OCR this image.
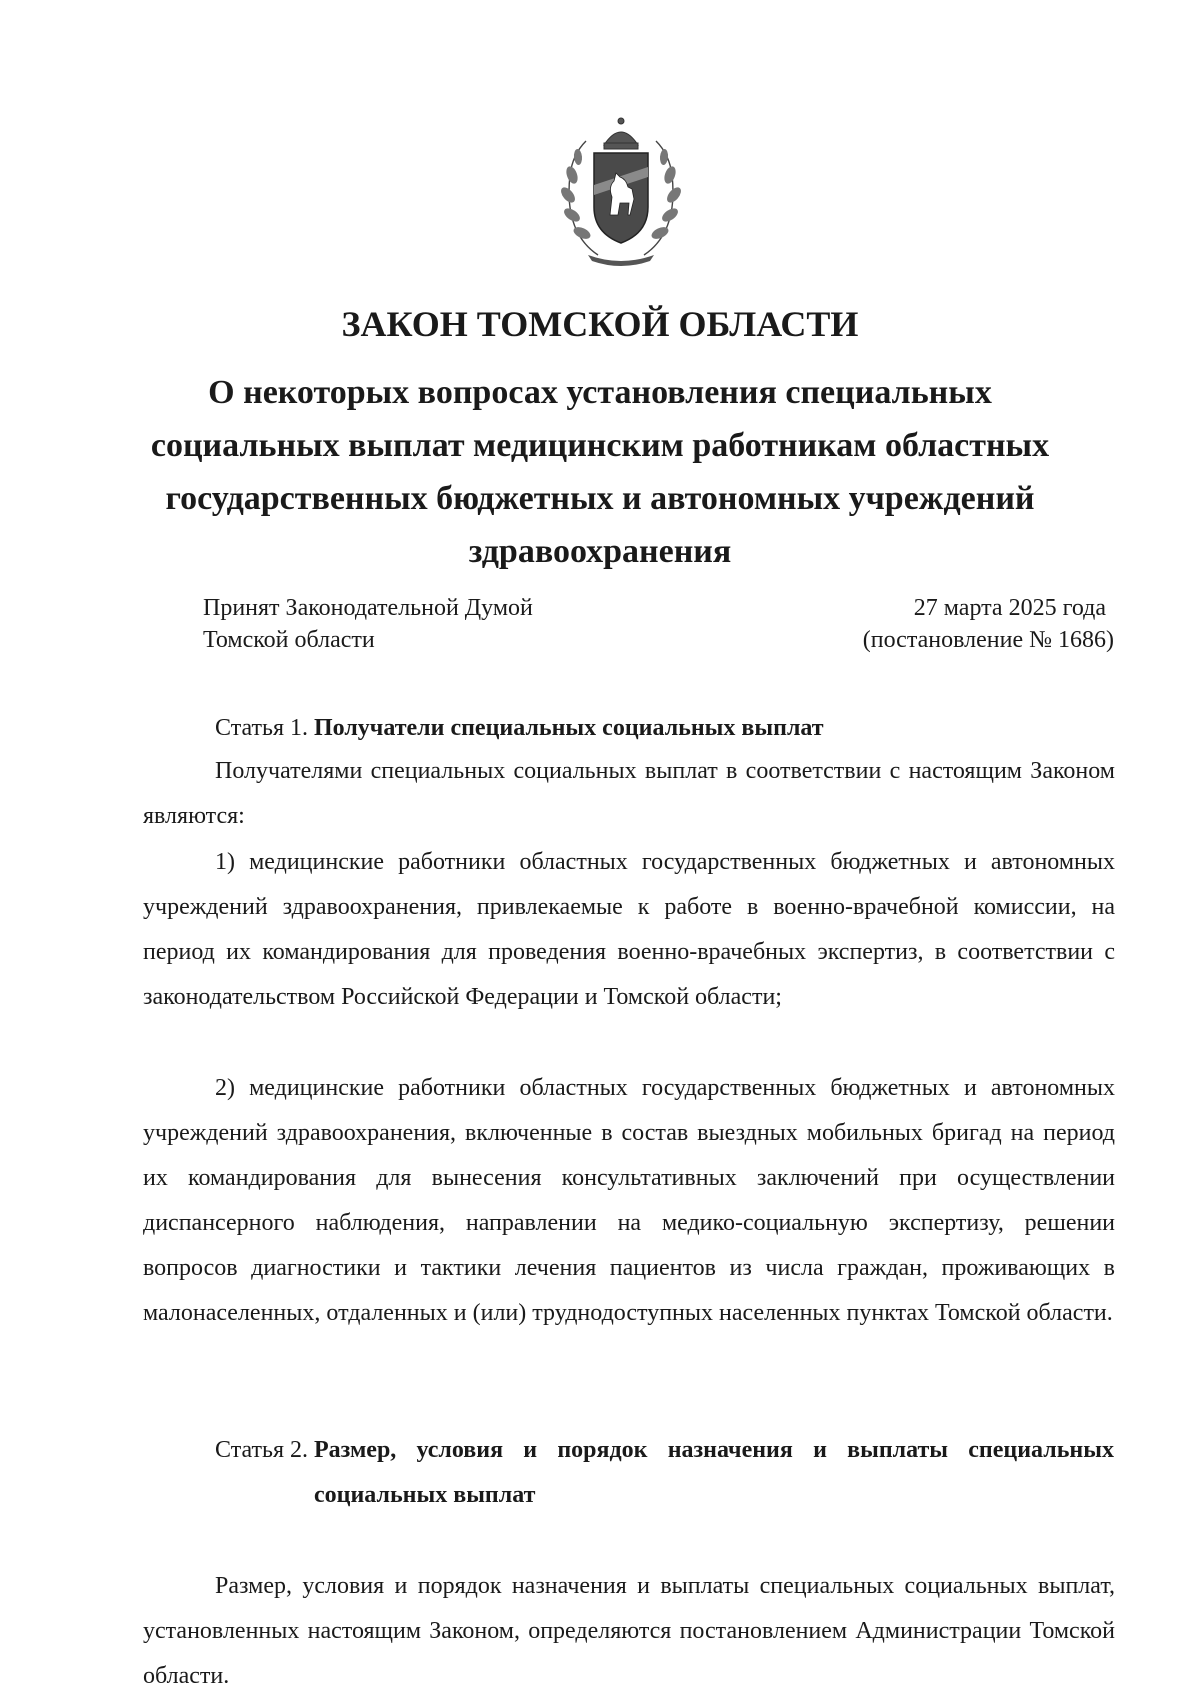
ЗАКОН ТОМСКОЙ ОБЛАСТИ
О некоторых вопросах установления специальных социальных выплат медицинским работникам областных государственных бюджетных и автономных учреждений здравоохранения
Принят Законодательной Думой
Томской области
27 марта 2025 года
(постановление № 1686)
Статья 1. Получатели специальных социальных выплат

Получателями специальных социальных выплат в соответствии с настоящим Законом являются:

1) медицинские работники областных государственных бюджетных и автономных учреждений здравоохранения, привлекаемые к работе в военно-врачебной комиссии, на период их командирования для проведения военно-врачебных экспертиз, в соответствии с законодательством Российской Федерации и Томской области;

2) медицинские работники областных государственных бюджетных и автономных учреждений здравоохранения, включенные в состав выездных мобильных бригад на период их командирования для вынесения консультативных заключений при осуществлении диспансерного наблюдения, направлении на медико-социальную экспертизу, решении вопросов диагностики и тактики лечения пациентов из числа граждан, проживающих в малонаселенных, отдаленных и (или) труднодоступных населенных пунктах Томской области.

Статья 2. Размер, условия и порядок назначения и выплаты специальных социальных выплат

Размер, условия и порядок назначения и выплаты специальных социальных выплат, установленных настоящим Законом, определяются постановлением Администрации Томской области.
